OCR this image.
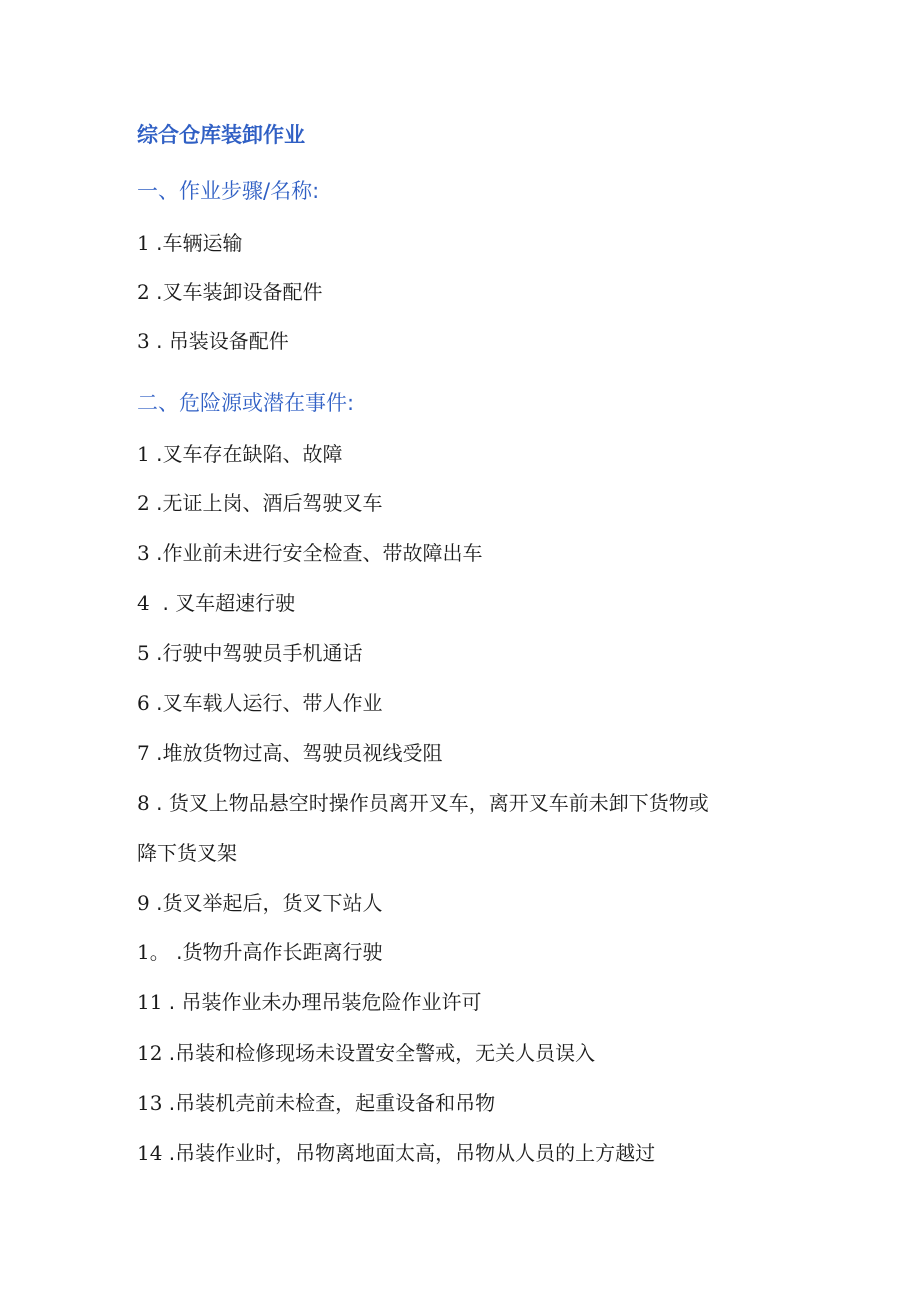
综合仓库装卸作业
一、作业步骤/名称:
1 .车辆运输
2 .叉车装卸设备配件
3 . 吊装设备配件
二、危险源或潜在事件:
1 .叉车存在缺陷、故障
2 .无证上岗、酒后驾驶叉车
3 .作业前未进行安全检查、带故障出车
4  . 叉车超速行驶
5 .行驶中驾驶员手机通话
6 .叉车载人运行、带人作业
7 .堆放货物过高、驾驶员视线受阻
8 . 货叉上物品悬空时操作员离开叉车，离开叉车前未卸下货物或
降下货叉架
9 .货叉举起后，货叉下站人
1。 .货物升高作长距离行驶
11 . 吊装作业未办理吊装危险作业许可
12 .吊装和检修现场未设置安全警戒，无关人员误入
13 .吊装机壳前未检查，起重设备和吊物
14 .吊装作业时，吊物离地面太高，吊物从人员的上方越过
